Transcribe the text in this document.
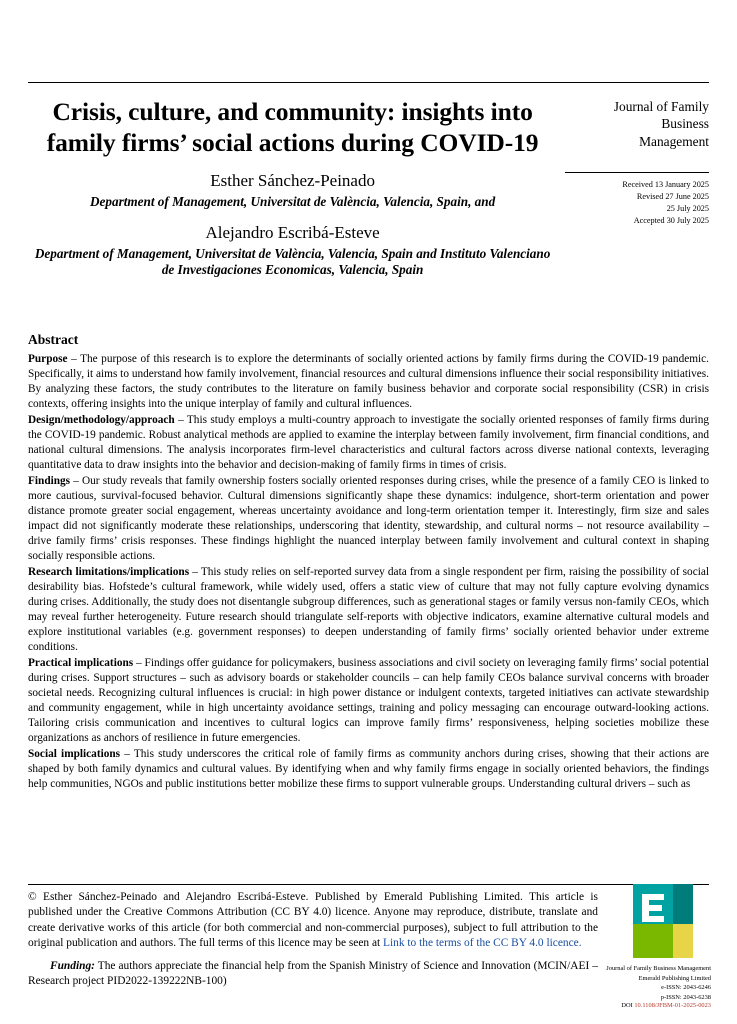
Crisis, culture, and community: insights into family firms’ social actions during COVID-19
Esther Sánchez-Peinado
Department of Management, Universitat de València, Valencia, Spain, and
Alejandro Escribá-Esteve
Department of Management, Universitat de València, Valencia, Spain and Instituto Valenciano de Investigaciones Economicas, Valencia, Spain
Journal of Family
Business
Management
Received 13 January 2025
Revised 27 June 2025
25 July 2025
Accepted 30 July 2025
Abstract

Purpose – The purpose of this research is to explore the determinants of socially oriented actions by family firms during the COVID-19 pandemic. Specifically, it aims to understand how family involvement, financial resources and cultural dimensions influence their social responsibility initiatives. By analyzing these factors, the study contributes to the literature on family business behavior and corporate social responsibility (CSR) in crisis contexts, offering insights into the unique interplay of family and cultural influences.

Design/methodology/approach – This study employs a multi-country approach to investigate the socially oriented responses of family firms during the COVID-19 pandemic. Robust analytical methods are applied to examine the interplay between family involvement, firm financial conditions, and national cultural dimensions. The analysis incorporates firm-level characteristics and cultural factors across diverse national contexts, leveraging quantitative data to draw insights into the behavior and decision-making of family firms in times of crisis.

Findings – Our study reveals that family ownership fosters socially oriented responses during crises, while the presence of a family CEO is linked to more cautious, survival-focused behavior. Cultural dimensions significantly shape these dynamics: indulgence, short-term orientation and power distance promote greater social engagement, whereas uncertainty avoidance and long-term orientation temper it. Interestingly, firm size and sales impact did not significantly moderate these relationships, underscoring that identity, stewardship, and cultural norms – not resource availability – drive family firms’ crisis responses. These findings highlight the nuanced interplay between family involvement and cultural context in shaping socially responsible actions.

Research limitations/implications – This study relies on self-reported survey data from a single respondent per firm, raising the possibility of social desirability bias. Hofstede’s cultural framework, while widely used, offers a static view of culture that may not fully capture evolving dynamics during crises. Additionally, the study does not disentangle subgroup differences, such as generational stages or family versus non-family CEOs, which may reveal further heterogeneity. Future research should triangulate self-reports with objective indicators, examine alternative cultural models and explore institutional variables (e.g. government responses) to deepen understanding of family firms’ socially oriented behavior under extreme conditions.

Practical implications – Findings offer guidance for policymakers, business associations and civil society on leveraging family firms’ social potential during crises. Support structures – such as advisory boards or stakeholder councils – can help family CEOs balance survival concerns with broader societal needs. Recognizing cultural influences is crucial: in high power distance or indulgent contexts, targeted initiatives can activate stewardship and community engagement, while in high uncertainty avoidance settings, training and policy messaging can encourage outward-looking actions. Tailoring crisis communication and incentives to cultural logics can improve family firms’ responsiveness, helping societies mobilize these organizations as anchors of resilience in future emergencies.

Social implications – This study underscores the critical role of family firms as community anchors during crises, showing that their actions are shaped by both family dynamics and cultural values. By identifying when and why family firms engage in socially oriented behaviors, the findings help communities, NGOs and public institutions better mobilize these firms to support vulnerable groups. Understanding cultural drivers – such as

© Esther Sánchez-Peinado and Alejandro Escribá-Esteve. Published by Emerald Publishing Limited. This article is published under the Creative Commons Attribution (CC BY 4.0) licence. Anyone may reproduce, distribute, translate and create derivative works of this article (for both commercial and non-commercial purposes), subject to full attribution to the original publication and authors. The full terms of this licence may be seen at Link to the terms of the CC BY 4.0 licence.

Funding: The authors appreciate the financial help from the Spanish Ministry of Science and Innovation (MCIN/AEI – Research project PID2022-139222NB-100)

Journal of Family Business Management
Emerald Publishing Limited
e-ISSN: 2043-6246
p-ISSN: 2043-6238
DOI 10.1108/JFBM-01-2025-0023
